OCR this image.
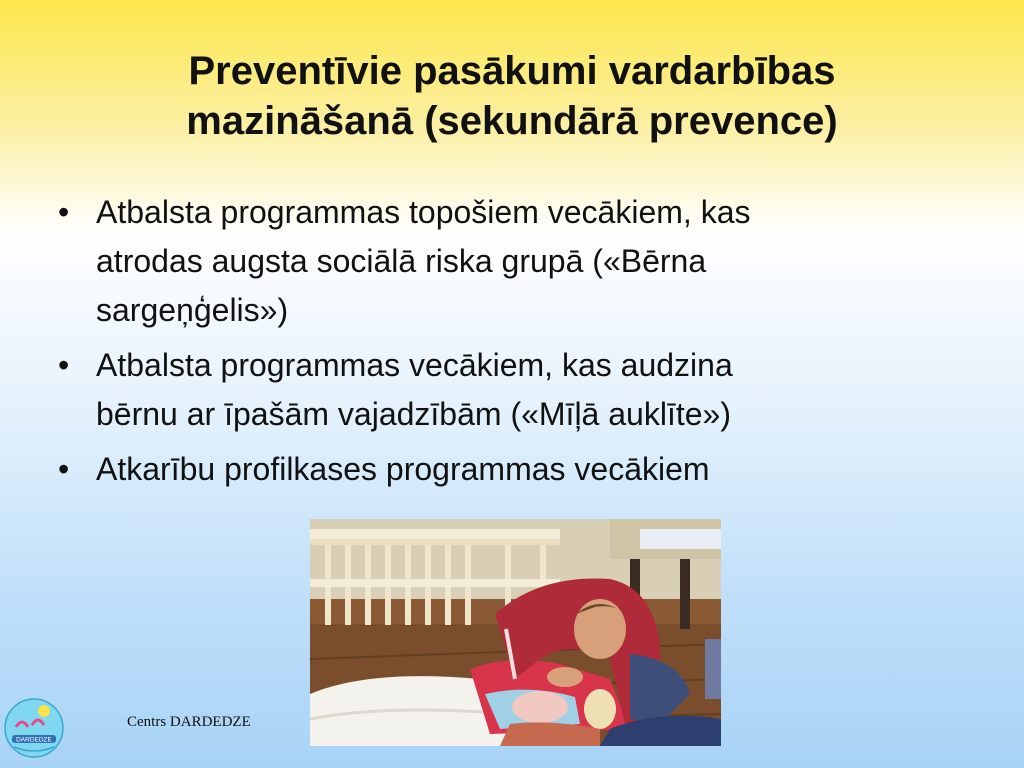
Preventīvie pasākumi vardarbības
mazināšanā (sekundārā prevence)
• Atbalsta programmas topošiem vecākiem, kas
atrodas augsta sociālā riska grupā («Bērna
sargeņģelis»)
• Atbalsta programmas vecākiem, kas audzina
bērnu ar īpašām vajadzībām («Mīļā auklīte»)
• Atkarību profilkases programmas vecākiem
Centrs DARDEDZE
DARDEDZE
